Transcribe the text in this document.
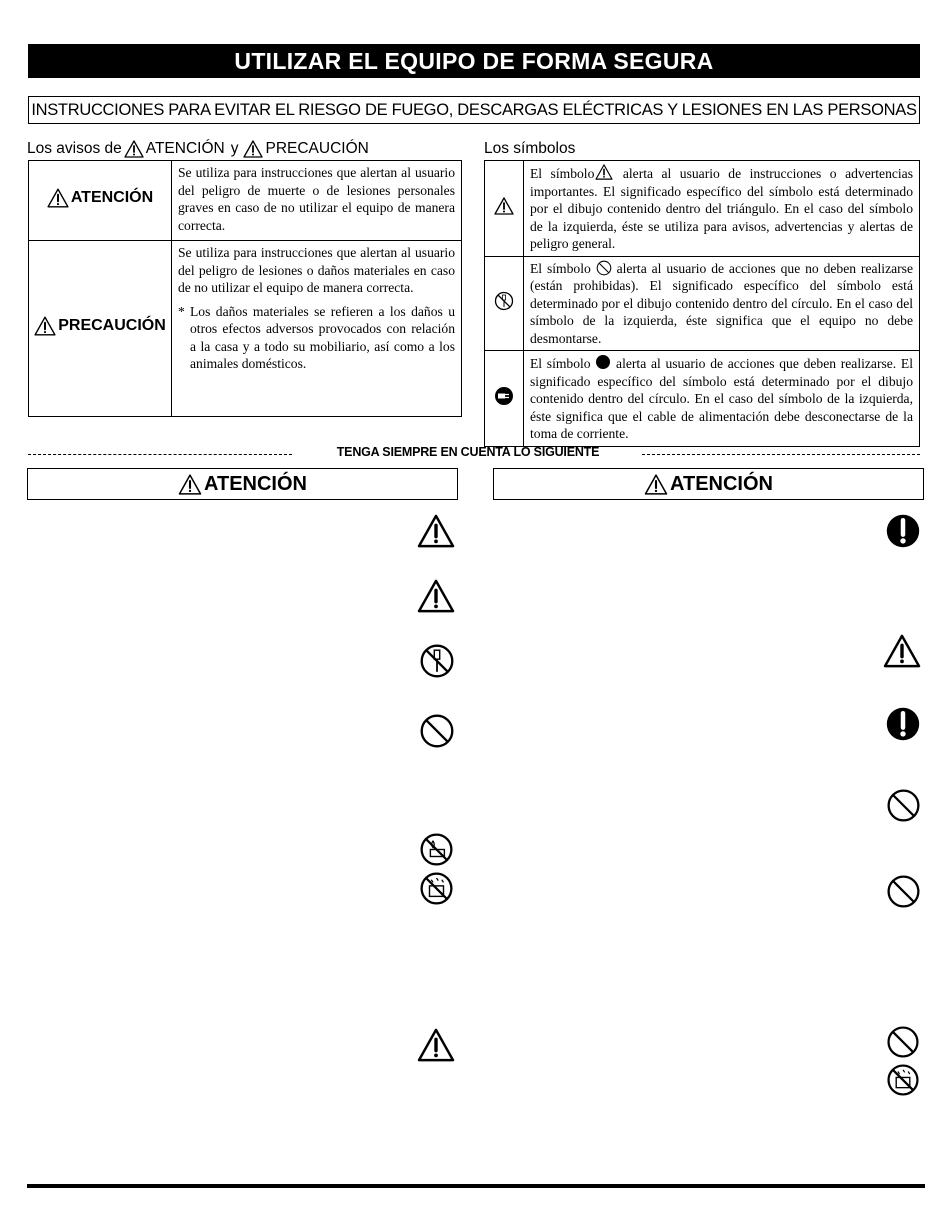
UTILIZAR EL EQUIPO DE FORMA SEGURA
INSTRUCCIONES PARA EVITAR EL RIESGO DE FUEGO, DESCARGAS ELÉCTRICAS Y LESIONES EN LAS PERSONAS
Los avisos de ATENCIÓN y PRECAUCIÓN
ATENCIÓN	Se utiliza para instrucciones que alertan al usuario del peligro de muerte o de lesiones personales graves en caso de no utilizar el equipo de manera correcta.

PRECAUCIÓN	Se utiliza para instrucciones que alertan al usuario del peligro de lesiones o daños materiales en caso de no utilizar el equipo de manera correcta.
* Los daños materiales se refieren a los daños u otros efectos adversos provocados con relación a la casa y a todo su mobiliario, así como a los animales domésticos.
Los símbolos
	El símbolo alerta al usuario de instrucciones o advertencias importantes. El significado específico del símbolo está determinado por el dibujo contenido dentro del triángulo. En el caso del símbolo de la izquierda, éste se utiliza para avisos, advertencias y alertas de peligro general.
	El símbolo alerta al usuario de acciones que no deben realizarse (están prohibidas). El significado específico del símbolo está determinado por el dibujo contenido dentro del círculo. En el caso del símbolo de la izquierda, éste significa que el equipo no debe desmontarse.
	El símbolo alerta al usuario de acciones que deben realizarse. El significado específico del símbolo está determinado por el dibujo contenido dentro del círculo. En el caso del símbolo de la izquierda, éste significa que el cable de alimentación debe desconectarse de la toma de corriente.
TENGA SIEMPRE EN CUENTA LO SIGUIENTE
ATENCIÓN	ATENCIÓN
